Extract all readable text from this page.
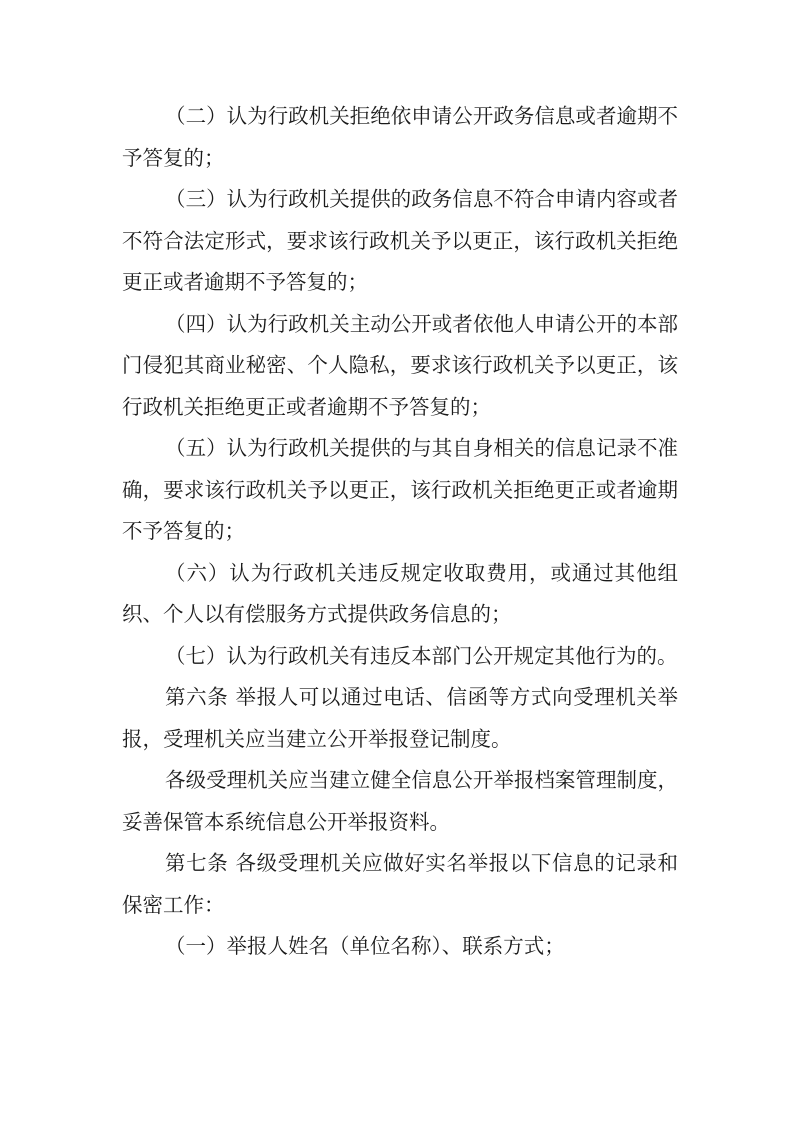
（二）认为行政机关拒绝依申请公开政务信息或者逾期不予答复的；

（三）认为行政机关提供的政务信息不符合申请内容或者不符合法定形式，要求该行政机关予以更正，该行政机关拒绝更正或者逾期不予答复的；

（四）认为行政机关主动公开或者依他人申请公开的本部门侵犯其商业秘密、个人隐私，要求该行政机关予以更正，该行政机关拒绝更正或者逾期不予答复的；

（五）认为行政机关提供的与其自身相关的信息记录不准确，要求该行政机关予以更正，该行政机关拒绝更正或者逾期不予答复的；

（六）认为行政机关违反规定收取费用，或通过其他组织、个人以有偿服务方式提供政务信息的；

（七）认为行政机关有违反本部门公开规定其他行为的。

第六条 举报人可以通过电话、信函等方式向受理机关举报，受理机关应当建立公开举报登记制度。

各级受理机关应当建立健全信息公开举报档案管理制度，妥善保管本系统信息公开举报资料。

第七条 各级受理机关应做好实名举报以下信息的记录和保密工作：

（一）举报人姓名（单位名称）、联系方式；
